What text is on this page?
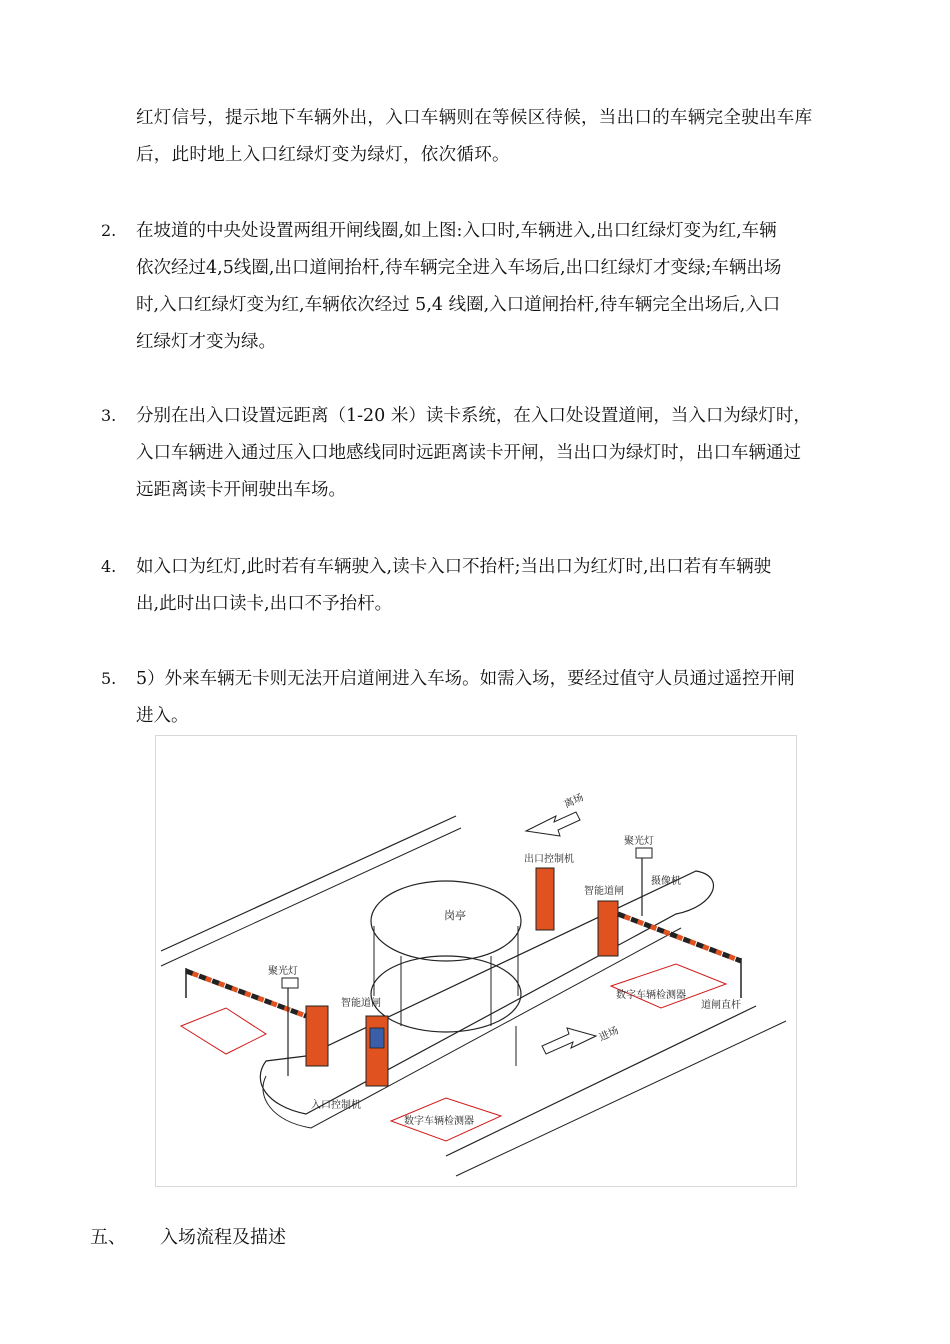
红灯信号，提示地下车辆外出，入口车辆则在等候区待候，当出口的车辆完全驶出车库
后，此时地上入口红绿灯变为绿灯，依次循环。
2. 在坡道的中央处设置两组开闸线圈,如上图:入口时,车辆进入,出口红绿灯变为红,车辆
依次经过4,5线圈,出口道闸抬杆,待车辆完全进入车场后,出口红绿灯才变绿;车辆出场
时,入口红绿灯变为红,车辆依次经过 5,4 线圈,入口道闸抬杆,待车辆完全出场后,入口
红绿灯才变为绿。
3. 分别在出入口设置远距离（1-20 米）读卡系统，在入口处设置道闸，当入口为绿灯时，
入口车辆进入通过压入口地感线同时远距离读卡开闸，当出口为绿灯时，出口车辆通过
远距离读卡开闸驶出车场。
4. 如入口为红灯,此时若有车辆驶入,读卡入口不抬杆;当出口为红灯时,出口若有车辆驶
出,此时出口读卡,出口不予抬杆。
5. 5）外来车辆无卡则无法开启道闸进入车场。如需入场，要经过值守人员通过遥控开闸
进入。
离场
进场
岗亭
出口控制机
智能道闸
道闸直杆
聚光灯
摄像机
数字车辆检测器
智能道闸
聚光灯
入口控制机
数字车辆检测器
五、 入场流程及描述
